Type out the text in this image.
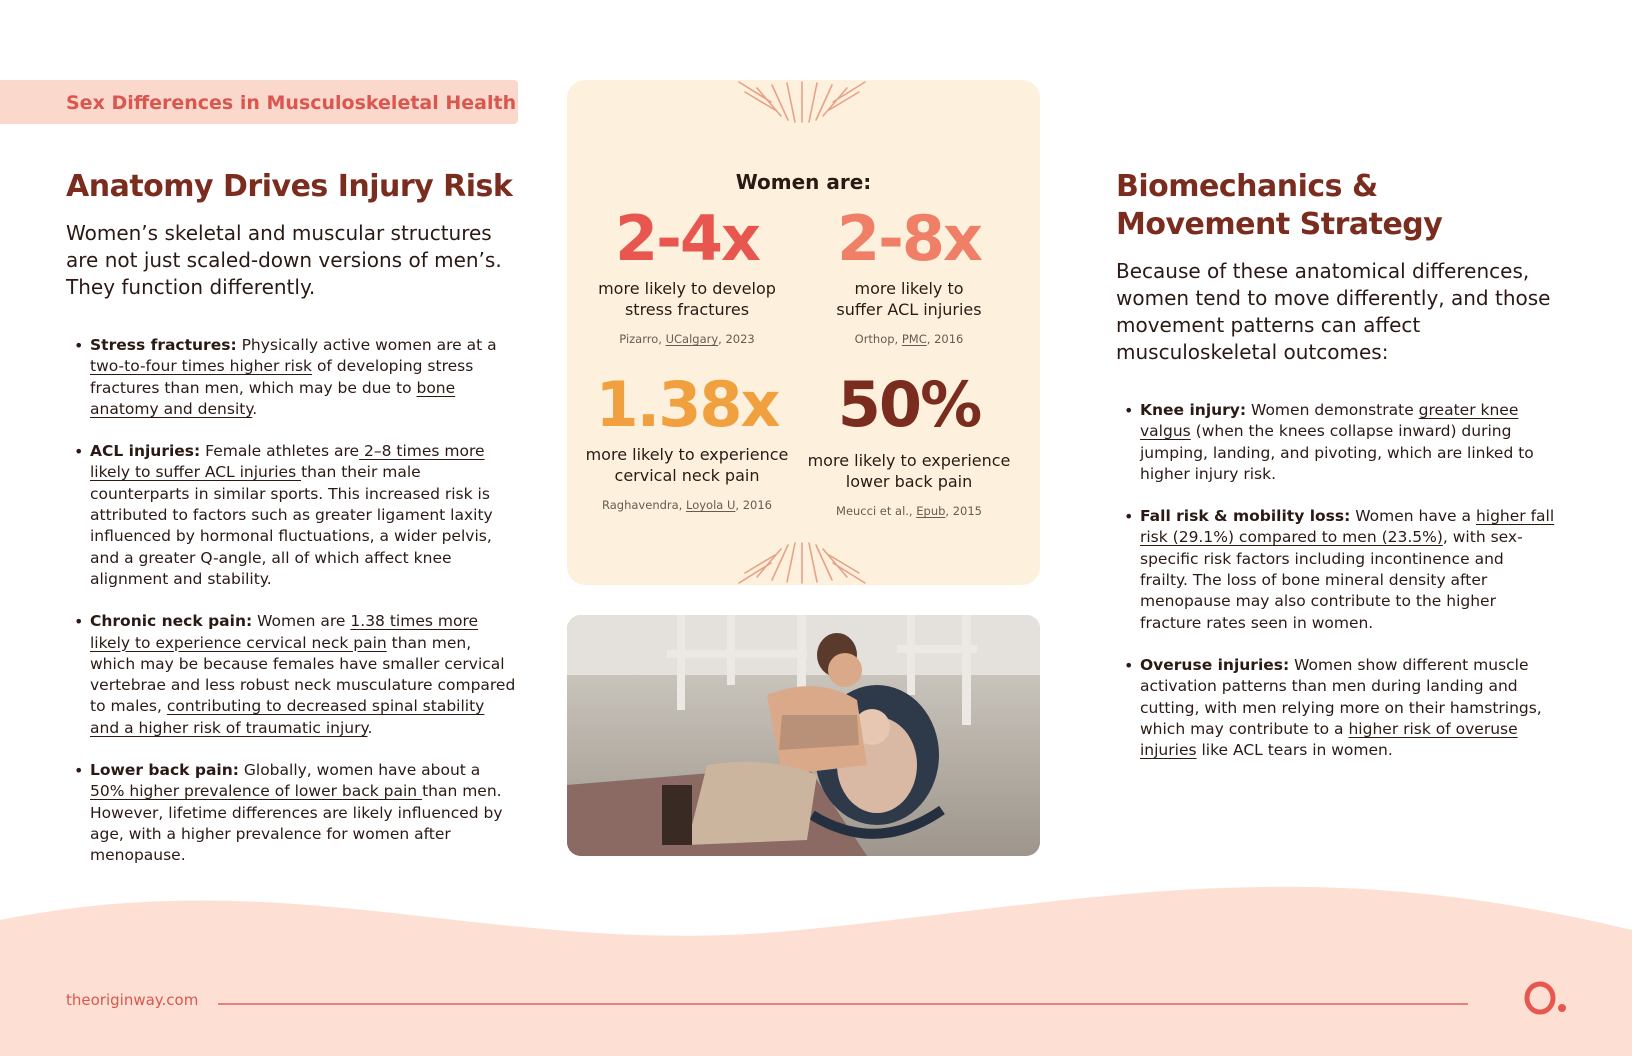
Sex Differences in Musculoskeletal Health
Anatomy Drives Injury Risk

Women’s skeletal and muscular structures are not just scaled-down versions of men’s. They function differently.

• Stress fractures: Physically active women are at a two-to-four times higher risk of developing stress fractures than men, which may be due to bone anatomy and density.
• ACL injuries: Female athletes are 2–8 times more likely to suffer ACL injuries than their male counterparts in similar sports. This increased risk is attributed to factors such as greater ligament laxity influenced by hormonal fluctuations, a wider pelvis, and a greater Q-angle, all of which affect knee alignment and stability.
• Chronic neck pain: Women are 1.38 times more likely to experience cervical neck pain than men, which may be because females have smaller cervical vertebrae and less robust neck musculature compared to males, contributing to decreased spinal stability and a higher risk of traumatic injury.
• Lower back pain: Globally, women have about a 50% higher prevalence of lower back pain than men. However, lifetime differences are likely influenced by age, with a higher prevalence for women after menopause.
Women are:
2-4x
more likely to develop
stress fractures
Pizarro, UCalgary, 2023
2-8x
more likely to
suffer ACL injuries
Orthop, PMC, 2016
1.38x
more likely to experience
cervical neck pain
Raghavendra, Loyola U, 2016
50%
more likely to experience
lower back pain
Meucci et al., Epub, 2015
Biomechanics &
Movement Strategy

Because of these anatomical differences, women tend to move differently, and those movement patterns can affect musculoskeletal outcomes:

• Knee injury: Women demonstrate greater knee valgus (when the knees collapse inward) during jumping, landing, and pivoting, which are linked to higher injury risk.
• Fall risk & mobility loss: Women have a higher fall risk (29.1%) compared to men (23.5%), with sex-specific risk factors including incontinence and frailty. The loss of bone mineral density after menopause may also contribute to the higher fracture rates seen in women.
• Overuse injuries: Women show different muscle activation patterns than men during landing and cutting, with men relying more on their hamstrings, which may contribute to a higher risk of overuse injuries like ACL tears in women.
theoriginway.com
